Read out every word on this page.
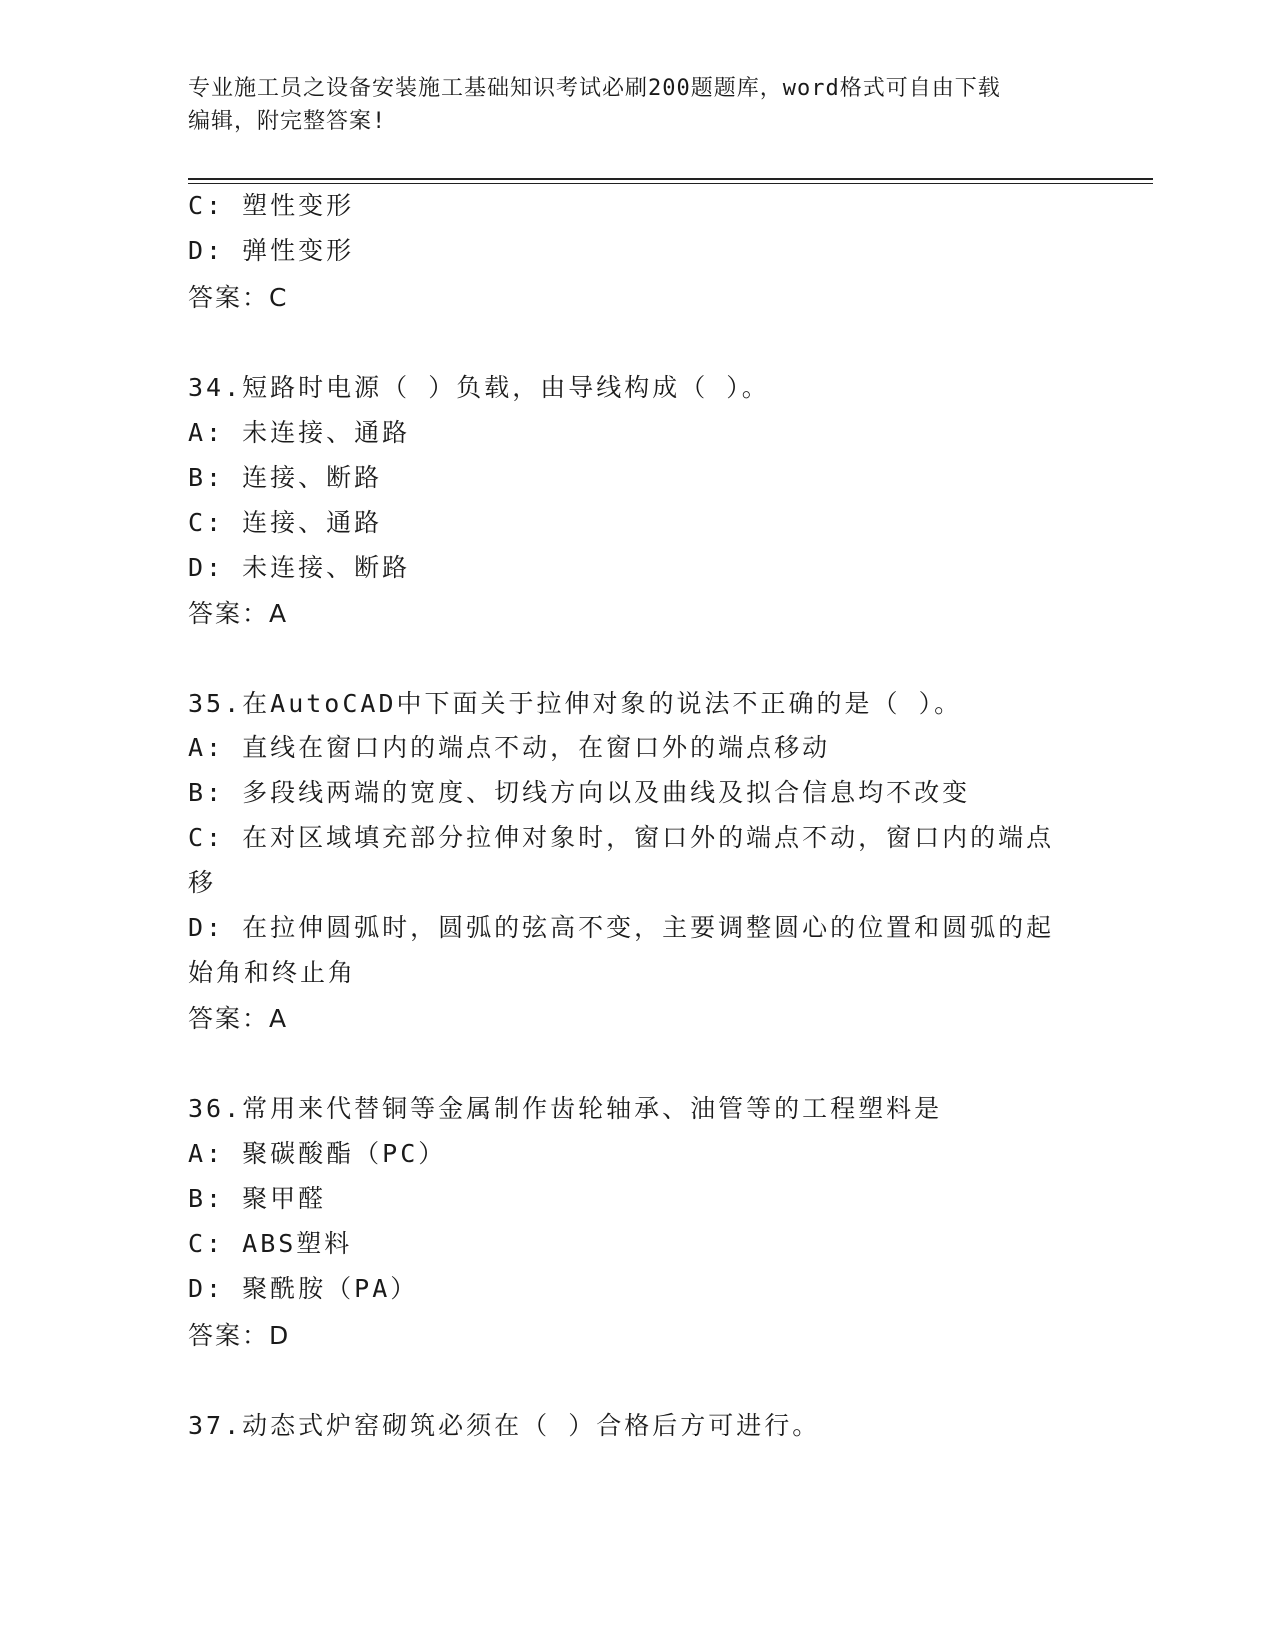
专业施工员之设备安装施工基础知识考试必刷200题题库，word格式可自由下载
编辑，附完整答案!
C: 塑性变形
D: 弹性变形
答案：C
34.短路时电源（ ）负载，由导线构成（ ）。
A: 未连接、通路
B: 连接、断路
C: 连接、通路
D: 未连接、断路
答案：A
35.在AutoCAD中下面关于拉伸对象的说法不正确的是（ ）。
A: 直线在窗口内的端点不动，在窗口外的端点移动
B: 多段线两端的宽度、切线方向以及曲线及拟合信息均不改变
C: 在对区域填充部分拉伸对象时，窗口外的端点不动，窗口内的端点
移
D: 在拉伸圆弧时，圆弧的弦高不变，主要调整圆心的位置和圆弧的起
始角和终止角
答案：A
36.常用来代替铜等金属制作齿轮轴承、油管等的工程塑料是
A: 聚碳酸酯（PC）
B: 聚甲醛
C: ABS塑料
D: 聚酰胺（PA）
答案：D
37.动态式炉窑砌筑必须在（ ）合格后方可进行。
